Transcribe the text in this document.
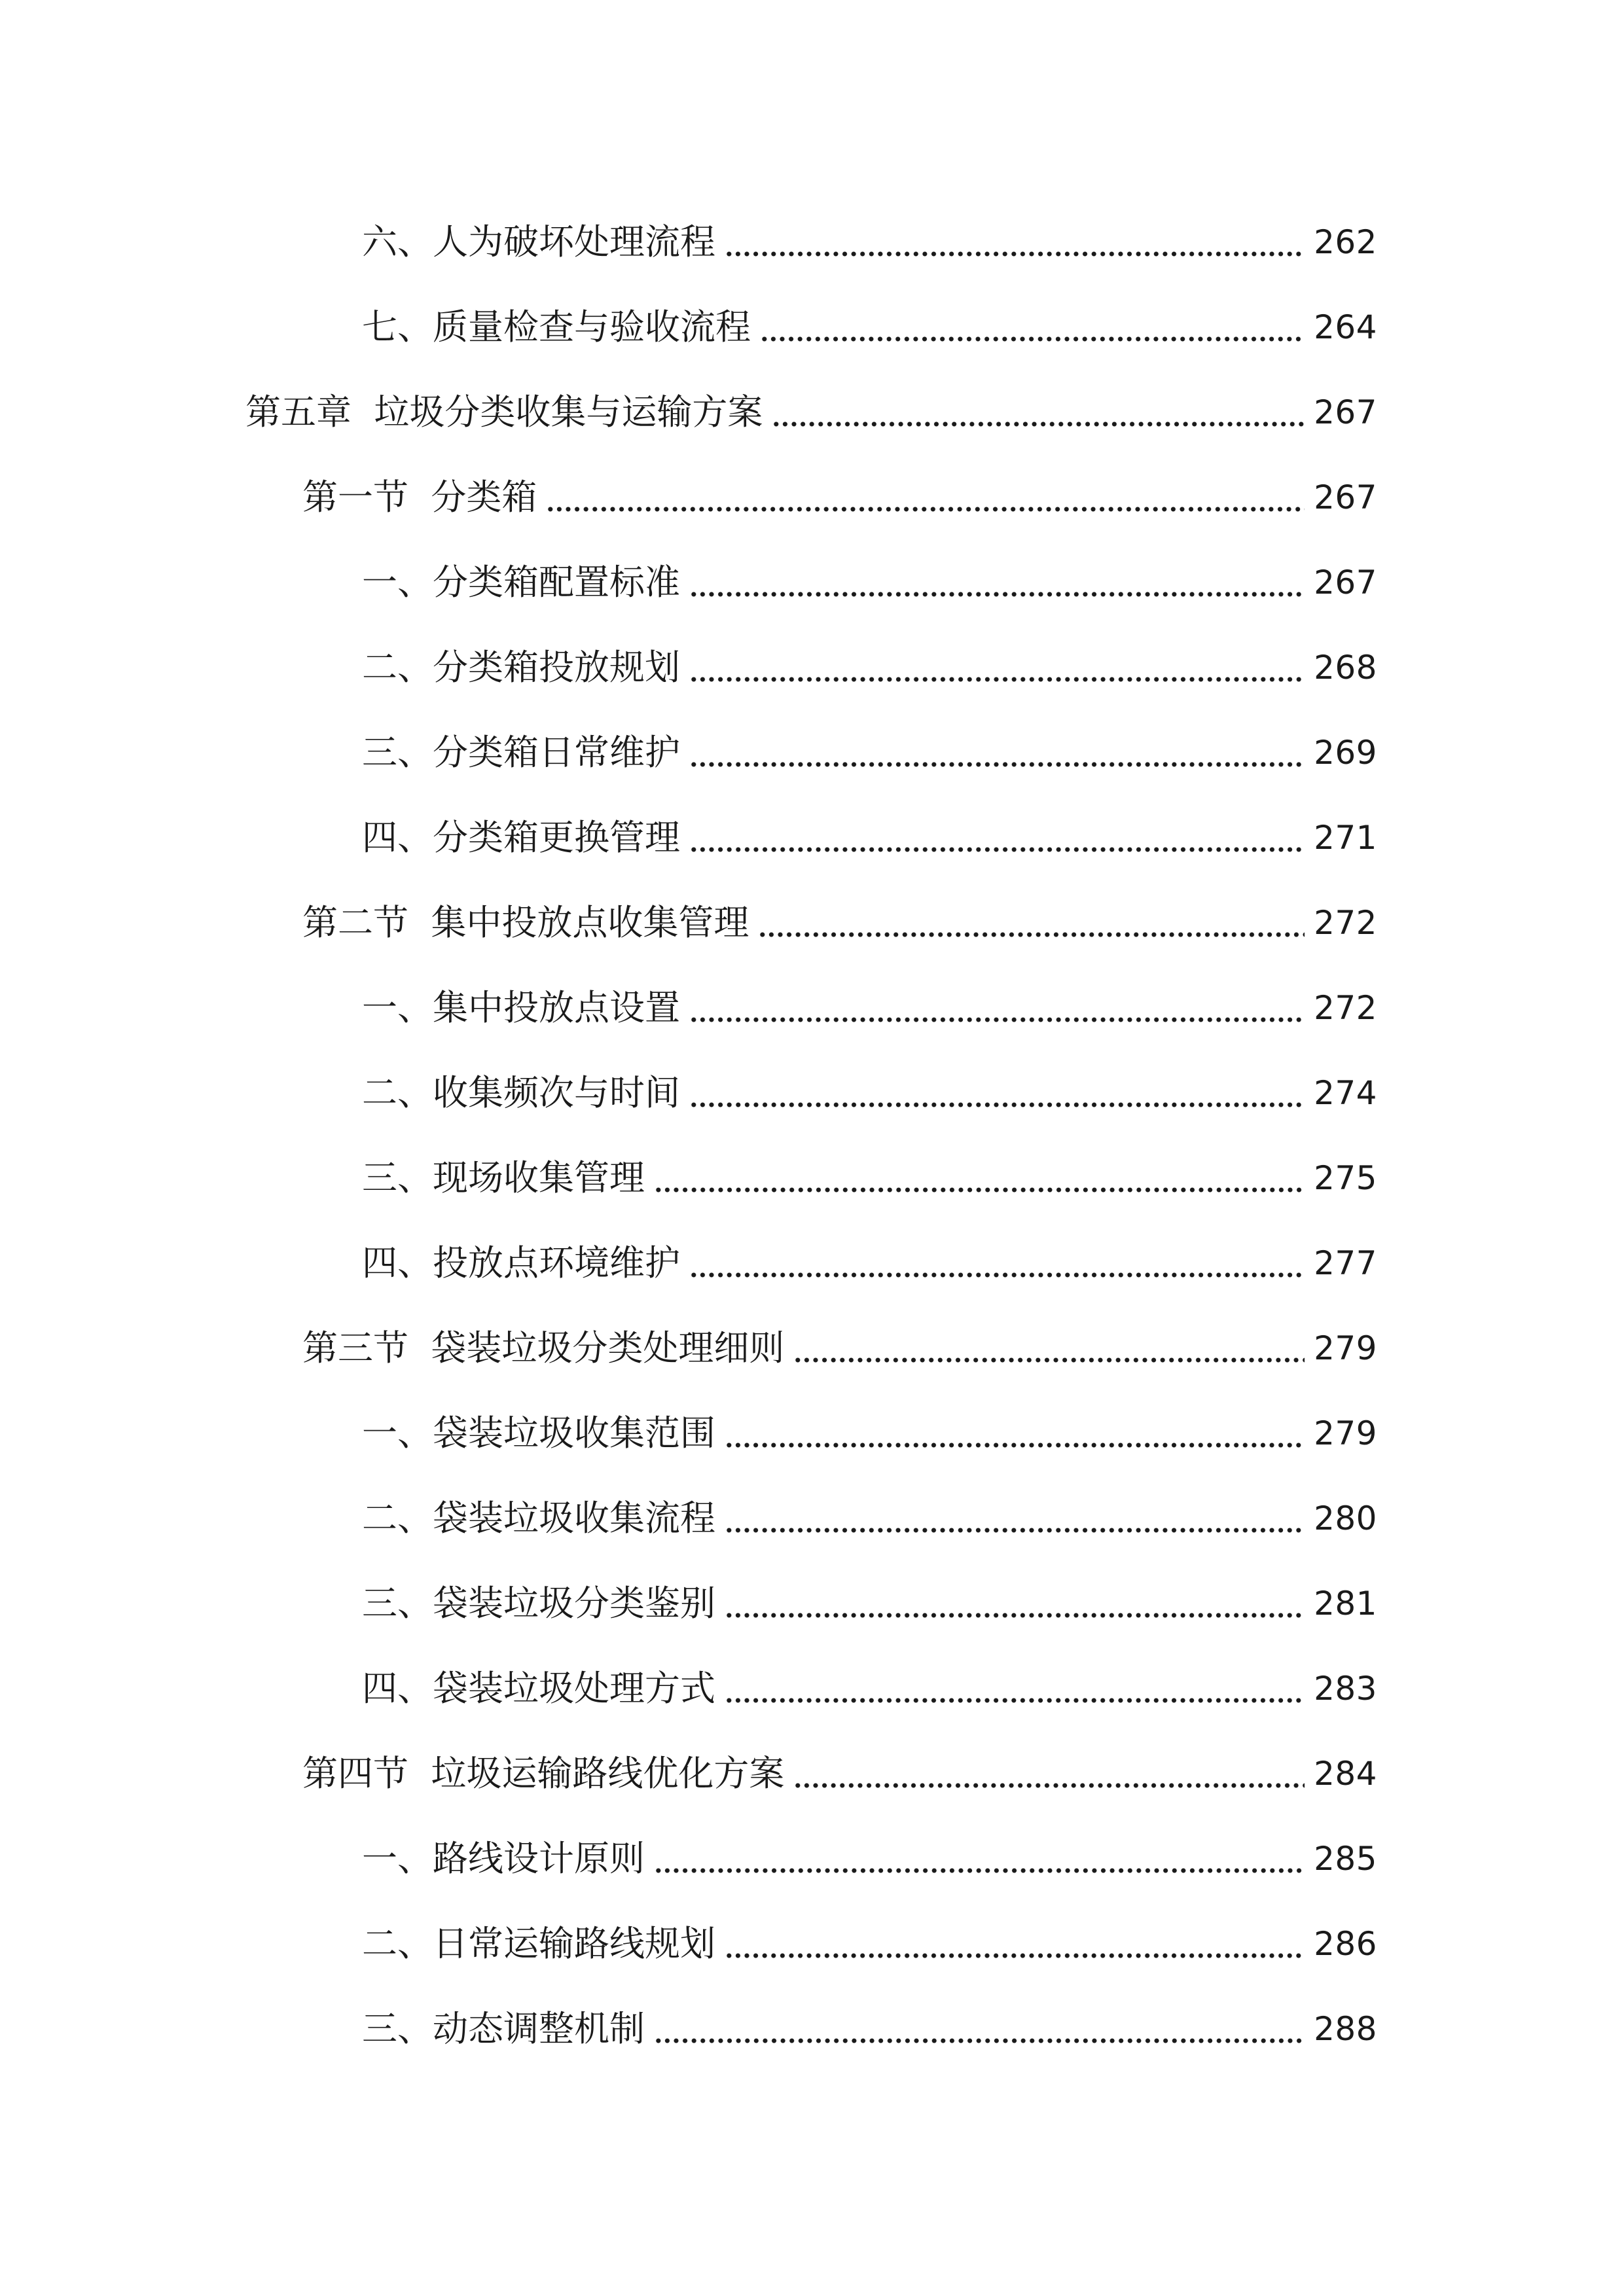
六、人为破坏处理流程	262
七、质量检查与验收流程	264
第五章  垃圾分类收集与运输方案	267
第一节  分类箱	267
一、分类箱配置标准	267
二、分类箱投放规划	268
三、分类箱日常维护	269
四、分类箱更换管理	271
第二节  集中投放点收集管理	272
一、集中投放点设置	272
二、收集频次与时间	274
三、现场收集管理	275
四、投放点环境维护	277
第三节  袋装垃圾分类处理细则	279
一、袋装垃圾收集范围	279
二、袋装垃圾收集流程	280
三、袋装垃圾分类鉴别	281
四、袋装垃圾处理方式	283
第四节  垃圾运输路线优化方案	284
一、路线设计原则	285
二、日常运输路线规划	286
三、动态调整机制	288
